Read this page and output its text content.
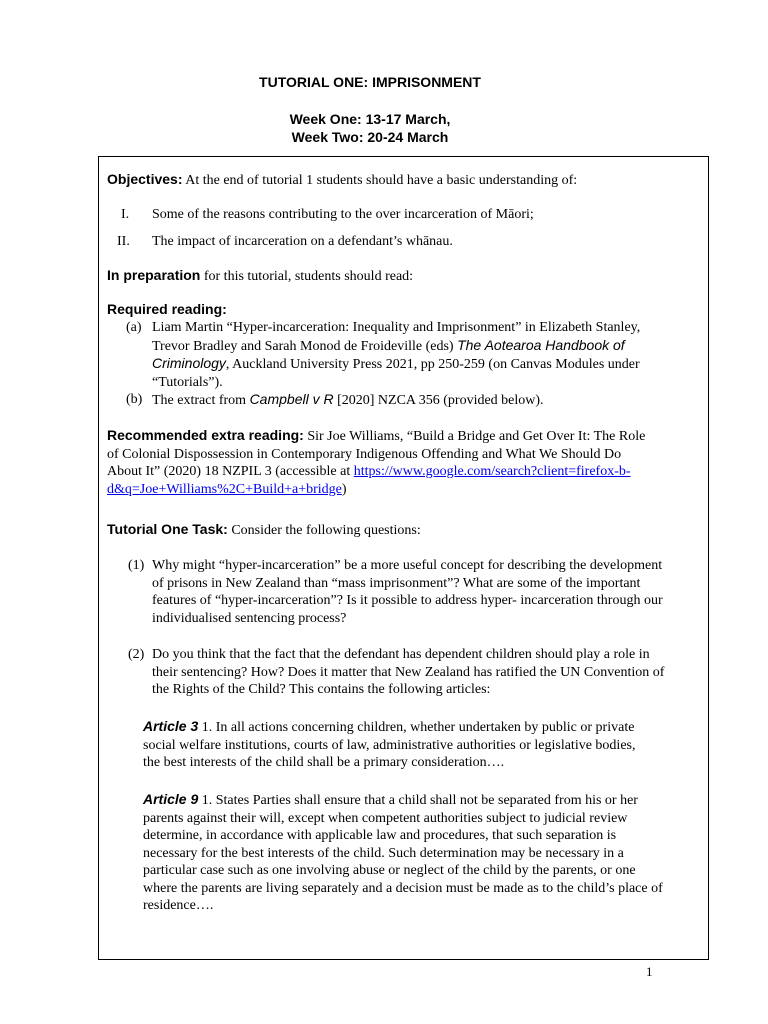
TUTORIAL ONE: IMPRISONMENT
Week One: 13-17 March,
Week Two: 20-24 March
Objectives: At the end of tutorial 1 students should have a basic understanding of:
I. Some of the reasons contributing to the over incarceration of Māori;
II. The impact of incarceration on a defendant’s whānau.
In preparation for this tutorial, students should read:
Required reading:
(a) Liam Martin “Hyper-incarceration: Inequality and Imprisonment” in Elizabeth Stanley,
Trevor Bradley and Sarah Monod de Froideville (eds) The Aotearoa Handbook of
Criminology, Auckland University Press 2021, pp 250-259 (on Canvas Modules under
“Tutorials”).
(b) The extract from Campbell v R [2020] NZCA 356 (provided below).
Recommended extra reading: Sir Joe Williams, “Build a Bridge and Get Over It: The Role
of Colonial Dispossession in Contemporary Indigenous Offending and What We Should Do
About It” (2020) 18 NZPIL 3 (accessible at https://www.google.com/search?client=firefox-b-
d&q=Joe+Williams%2C+Build+a+bridge)
Tutorial One Task: Consider the following questions:
(1) Why might “hyper-incarceration” be a more useful concept for describing the development
of prisons in New Zealand than “mass imprisonment”? What are some of the important
features of “hyper-incarceration”? Is it possible to address hyper- incarceration through our
individualised sentencing process?
(2) Do you think that the fact that the defendant has dependent children should play a role in
their sentencing? How? Does it matter that New Zealand has ratified the UN Convention of
the Rights of the Child? This contains the following articles:
Article 3 1. In all actions concerning children, whether undertaken by public or private
social welfare institutions, courts of law, administrative authorities or legislative bodies,
the best interests of the child shall be a primary consideration….
Article 9 1. States Parties shall ensure that a child shall not be separated from his or her
parents against their will, except when competent authorities subject to judicial review
determine, in accordance with applicable law and procedures, that such separation is
necessary for the best interests of the child. Such determination may be necessary in a
particular case such as one involving abuse or neglect of the child by the parents, or one
where the parents are living separately and a decision must be made as to the child’s place of
residence….
1
